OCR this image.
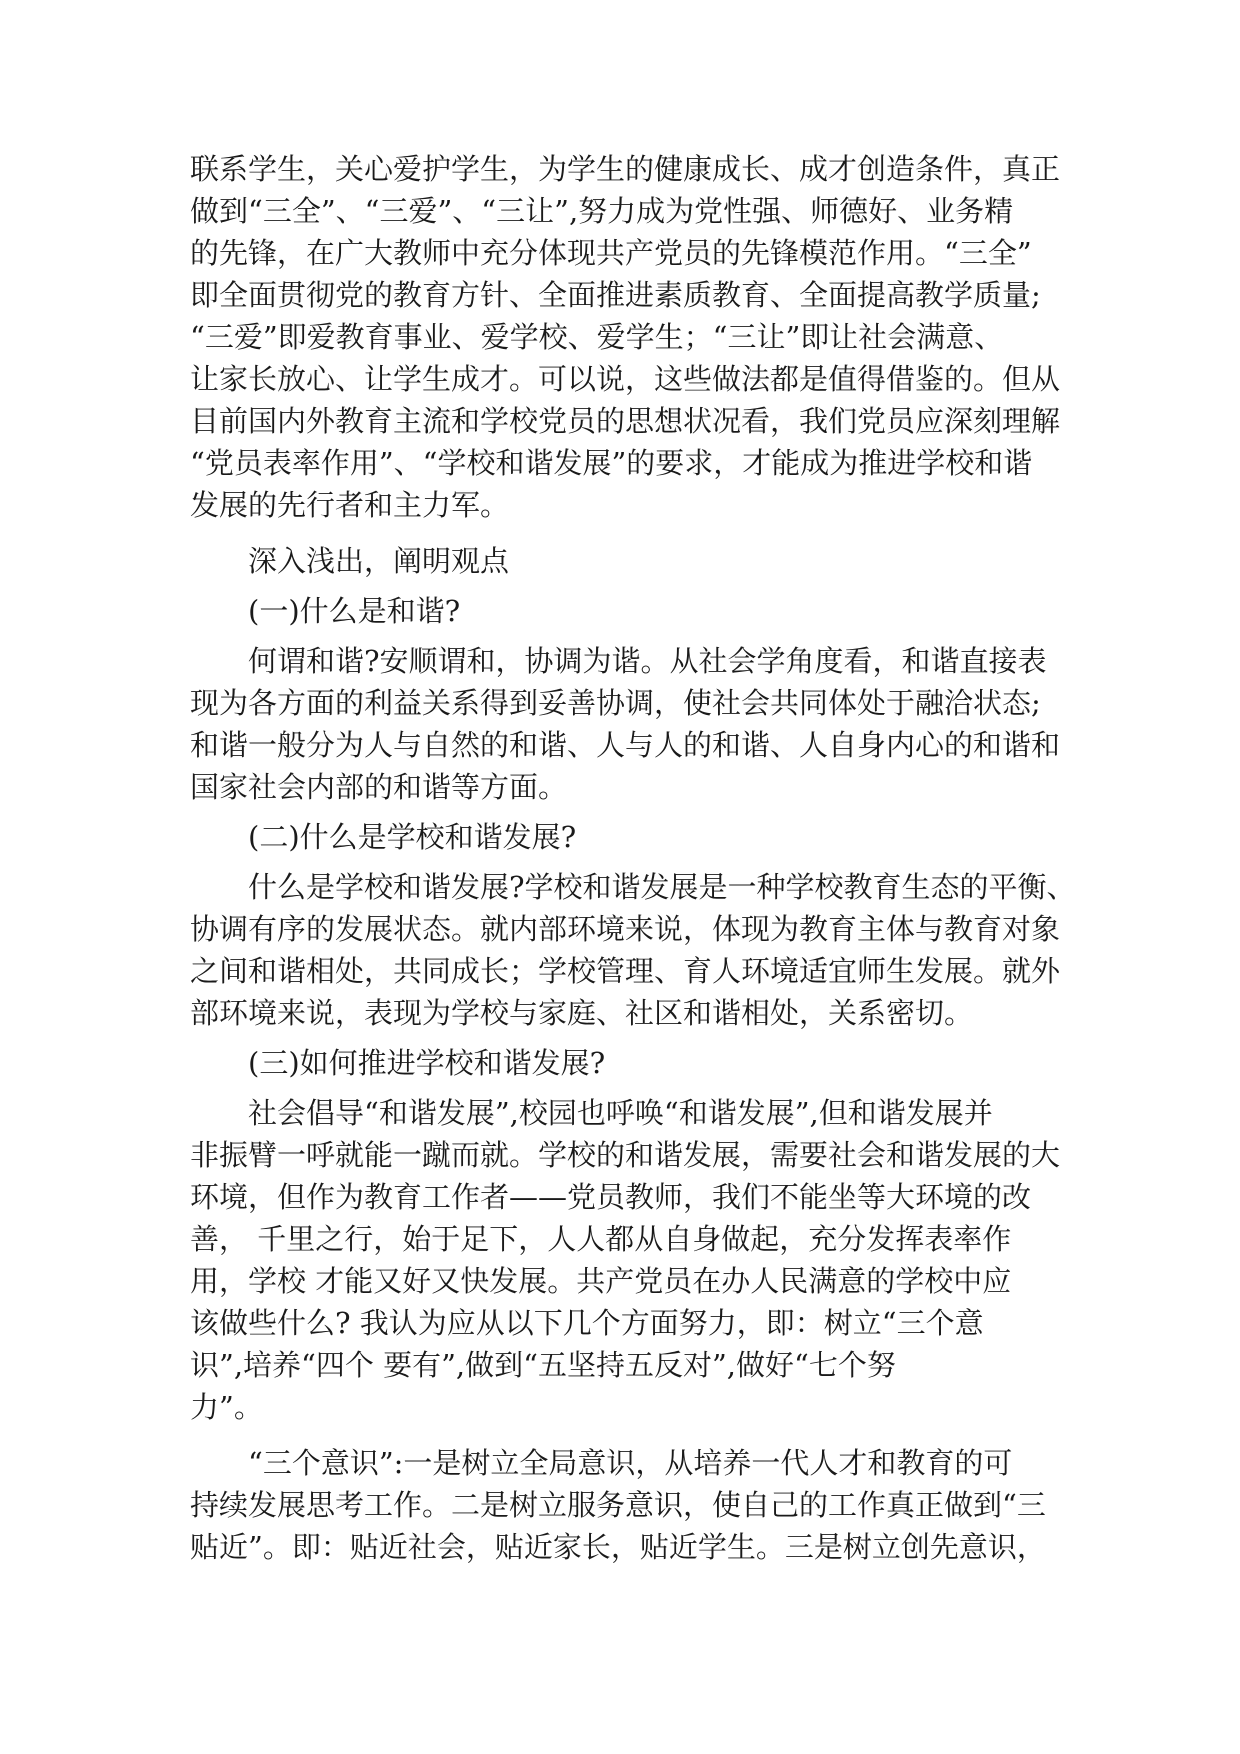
联系学生，关心爱护学生，为学生的健康成长、成才创造条件，真正
做到“三全”、“三爱”、“三让”,努力成为党性强、师德好、业务精
的先锋，在广大教师中充分体现共产党员的先锋模范作用。“三全”
即全面贯彻党的教育方针、全面推进素质教育、全面提高教学质量;
“三爱”即爱教育事业、爱学校、爱学生；“三让”即让社会满意、
让家长放心、让学生成才。可以说，这些做法都是值得借鉴的。但从
目前国内外教育主流和学校党员的思想状况看，我们党员应深刻理解
“党员表率作用”、“学校和谐发展”的要求，才能成为推进学校和谐
发展的先行者和主力军。

深入浅出，阐明观点

(一)什么是和谐?

何谓和谐?安顺谓和，协调为谐。从社会学角度看，和谐直接表
现为各方面的利益关系得到妥善协调，使社会共同体处于融洽状态;
和谐一般分为人与自然的和谐、人与人的和谐、人自身内心的和谐和
国家社会内部的和谐等方面。

(二)什么是学校和谐发展?

什么是学校和谐发展?学校和谐发展是一种学校教育生态的平衡、
协调有序的发展状态。就内部环境来说，体现为教育主体与教育对象
之间和谐相处，共同成长；学校管理、育人环境适宜师生发展。就外
部环境来说，表现为学校与家庭、社区和谐相处，关系密切。

(三)如何推进学校和谐发展?

社会倡导“和谐发展”,校园也呼唤“和谐发展”,但和谐发展并
非振臂一呼就能一蹴而就。学校的和谐发展，需要社会和谐发展的大
环境，但作为教育工作者——党员教师，我们不能坐等大环境的改
善， 千里之行，始于足下，人人都从自身做起，充分发挥表率作
用，学校 才能又好又快发展。共产党员在办人民满意的学校中应
该做些什么? 我认为应从以下几个方面努力，即：树立“三个意
识”,培养“四个 要有”,做到“五坚持五反对”,做好“七个努
力”。
“三个意识”:一是树立全局意识，从培养一代人才和教育的可
持续发展思考工作。二是树立服务意识，使自己的工作真正做到“三
贴近”。即：贴近社会，贴近家长，贴近学生。三是树立创先意识，
